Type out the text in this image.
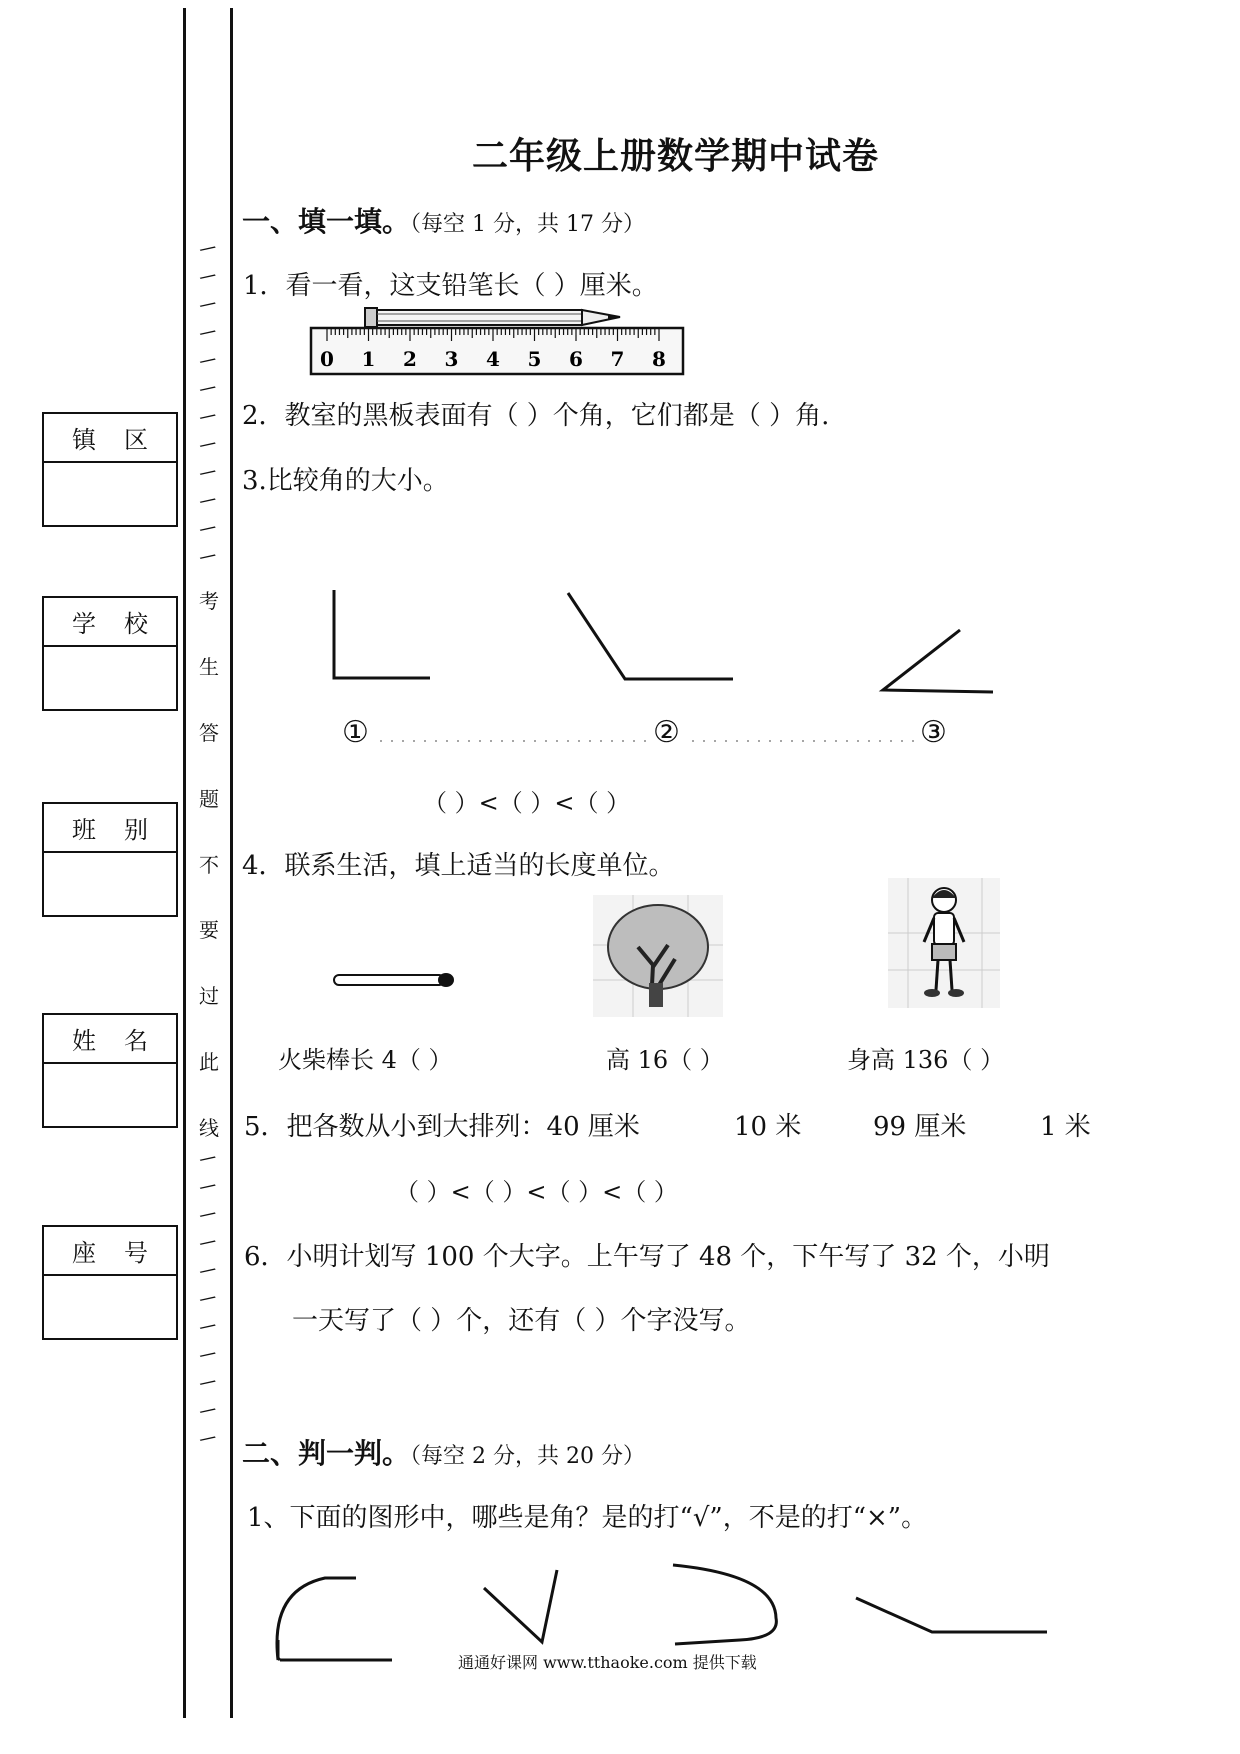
镇 区
学 校
班 别
姓 名
座 号
考
生
答
题
不
要
过
此
线
/
/
/
/
/
/
/
/
/
/
/
/
/
/
/
/
/
/
/
/
/
/
/
二年级上册数学期中试卷
一、填一填。（每空 1 分，共 17 分）
1．看一看，这支铅笔长（ ）厘米。
0 1 2 3 4 5 6 7 8
2．教室的黑板表面有（ ）个角，它们都是（ ）角.
3.比较角的大小。
①	②	③
（ ）<（ ）<（ ）
4．联系生活，填上适当的长度单位。
火柴棒长 4（ ）	高 16（ ）	身高 136（ ）
5．把各数从小到大排列：40 厘米	10 米	99 厘米	1 米
（ ）<（ ）<（ ）<（ ）
6．小明计划写 100 个大字。上午写了 48 个，下午写了 32 个，小明
一天写了（ ）个，还有（ ）个字没写。
二、判一判。（每空 2 分，共 20 分）
1、下面的图形中，哪些是角？是的打“√”，不是的打“×”。
通通好课网 www.tthaoke.com 提供下载
